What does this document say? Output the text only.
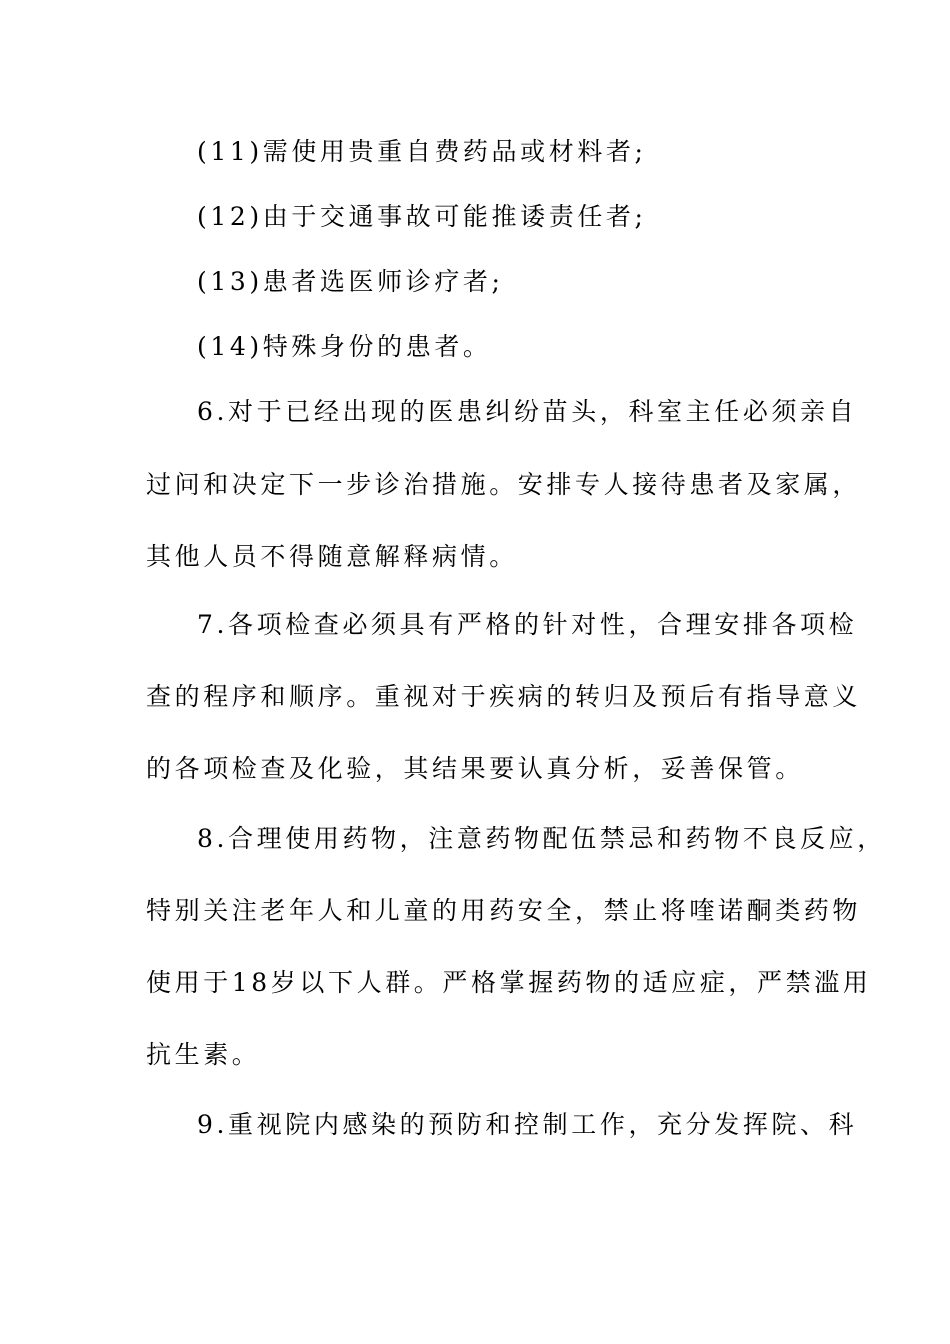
(11)需使用贵重自费药品或材料者;
(12)由于交通事故可能推诿责任者;
(13)患者选医师诊疗者;
(14)特殊身份的患者。
6.对于已经出现的医患纠纷苗头，科室主任必须亲自
过问和决定下一步诊治措施。安排专人接待患者及家属，
其他人员不得随意解释病情。
7.各项检查必须具有严格的针对性，合理安排各项检
查的程序和顺序。重视对于疾病的转归及预后有指导意义
的各项检查及化验，其结果要认真分析，妥善保管。
8.合理使用药物，注意药物配伍禁忌和药物不良反应，
特别关注老年人和儿童的用药安全，禁止将喹诺酮类药物
使用于18岁以下人群。严格掌握药物的适应症，严禁滥用
抗生素。
9.重视院内感染的预防和控制工作，充分发挥院、科
